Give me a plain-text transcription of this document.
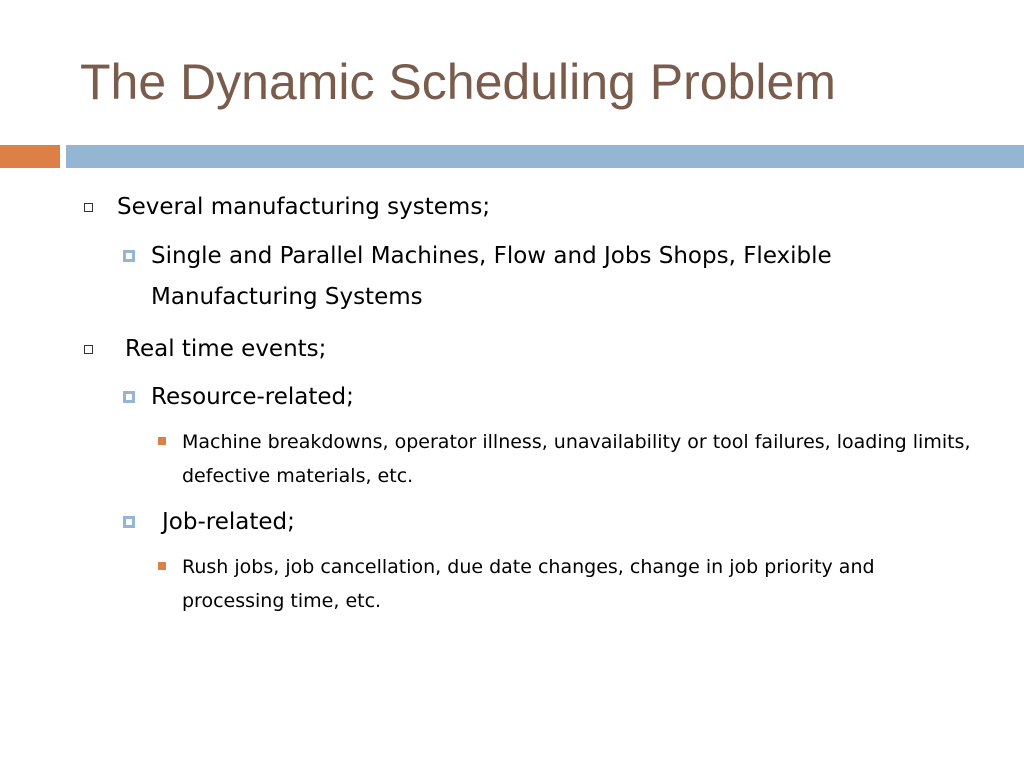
The Dynamic Scheduling Problem
Several manufacturing systems;
Single and Parallel Machines, Flow and Jobs Shops, Flexible Manufacturing Systems
Real time events;
Resource-related;
Machine breakdowns, operator illness, unavailability or tool failures, loading limits, defective materials, etc.
Job-related;
Rush jobs, job cancellation, due date changes, change in job priority and processing time, etc.
